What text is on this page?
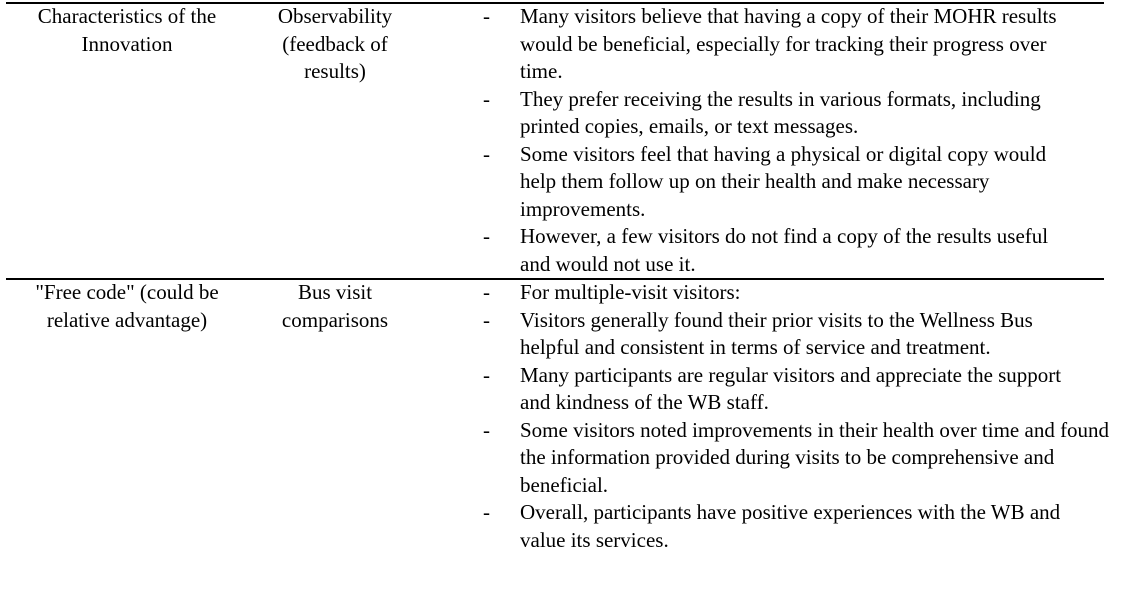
Characteristics of the Innovation
Observability (feedback of results)
- Many visitors believe that having a copy of their MOHR results would be beneficial, especially for tracking their progress over time.
- They prefer receiving the results in various formats, including printed copies, emails, or text messages.
- Some visitors feel that having a physical or digital copy would help them follow up on their health and make necessary improvements.
- However, a few visitors do not find a copy of the results useful and would not use it.
"Free code" (could be relative advantage)
Bus visit comparisons
- For multiple-visit visitors:
- Visitors generally found their prior visits to the Wellness Bus helpful and consistent in terms of service and treatment.
- Many participants are regular visitors and appreciate the support and kindness of the WB staff.
- Some visitors noted improvements in their health over time and found the information provided during visits to be comprehensive and beneficial.
- Overall, participants have positive experiences with the WB and value its services.
